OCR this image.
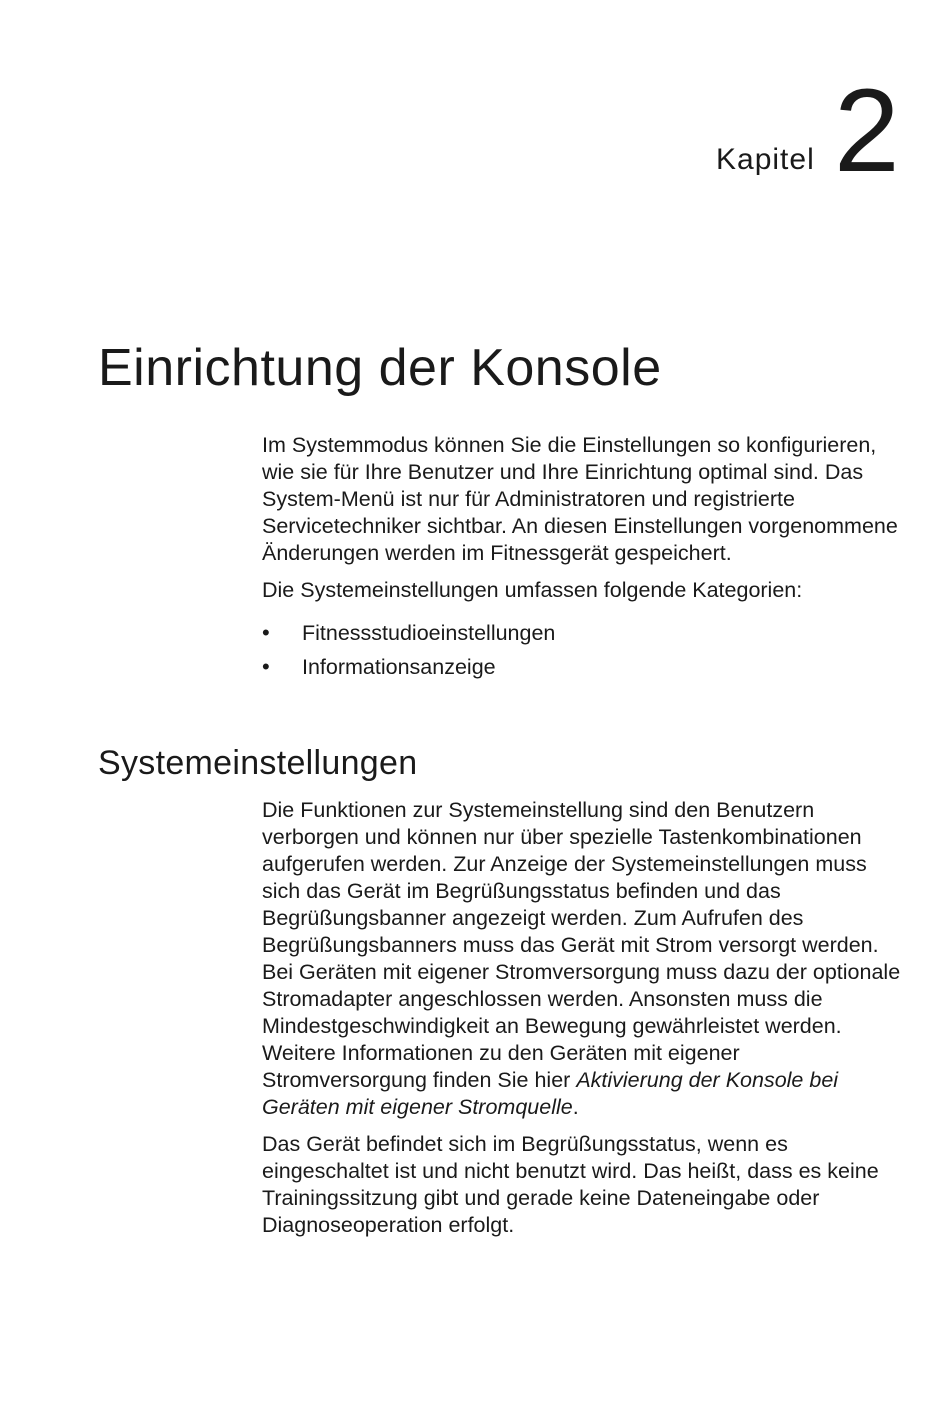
Kapitel 2
Einrichtung der Konsole

Im Systemmodus können Sie die Einstellungen so konfigurieren, wie sie für Ihre Benutzer und Ihre Einrichtung optimal sind. Das System-Menü ist nur für Administratoren und registrierte Servicetechniker sichtbar. An diesen Einstellungen vorgenommene Änderungen werden im Fitnessgerät gespeichert.

Die Systemeinstellungen umfassen folgende Kategorien:

• Fitnessstudioeinstellungen
• Informationsanzeige
Systemeinstellungen

Die Funktionen zur Systemeinstellung sind den Benutzern verborgen und können nur über spezielle Tastenkombinationen aufgerufen werden. Zur Anzeige der Systemeinstellungen muss sich das Gerät im Begrüßungsstatus befinden und das Begrüßungsbanner angezeigt werden. Zum Aufrufen des Begrüßungsbanners muss das Gerät mit Strom versorgt werden. Bei Geräten mit eigener Stromversorgung muss dazu der optionale Stromadapter angeschlossen werden. Ansonsten muss die Mindestgeschwindigkeit an Bewegung gewährleistet werden. Weitere Informationen zu den Geräten mit eigener Stromversorgung finden Sie hier Aktivierung der Konsole bei Geräten mit eigener Stromquelle.

Das Gerät befindet sich im Begrüßungsstatus, wenn es eingeschaltet ist und nicht benutzt wird. Das heißt, dass es keine Trainingssitzung gibt und gerade keine Dateneingabe oder Diagnoseoperation erfolgt.
